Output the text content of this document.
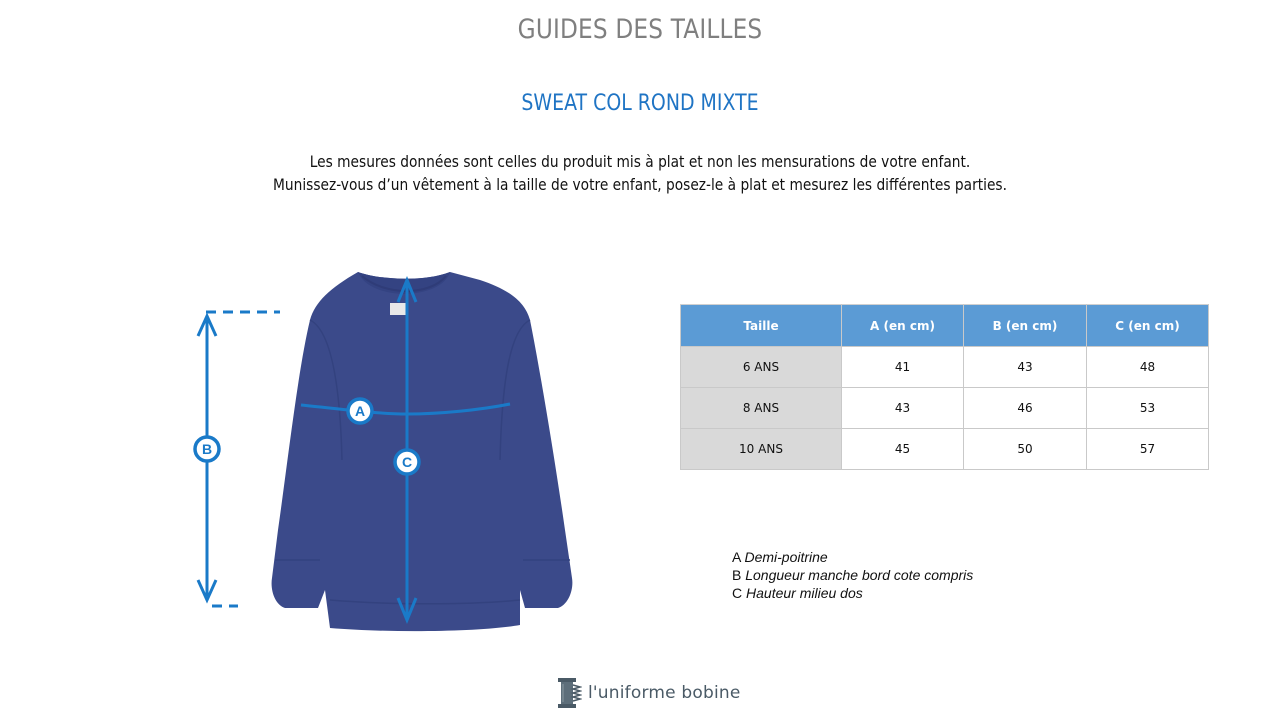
GUIDES DES TAILLES
SWEAT COL ROND MIXTE

Les mesures données sont celles du produit mis à plat et non les mensurations de votre enfant.

Munissez-vous d’un vêtement à la taille de votre enfant, posez-le à plat et mesurez les différentes parties.

A
B
C
Taille	A (en cm)	B (en cm)	C (en cm)
6 ANS	41	43	48
8 ANS	43	46	53
10 ANS	45	50	57
A Demi-poitrine
B Longueur manche bord cote compris
C Hauteur milieu dos
l'uniforme bobine
